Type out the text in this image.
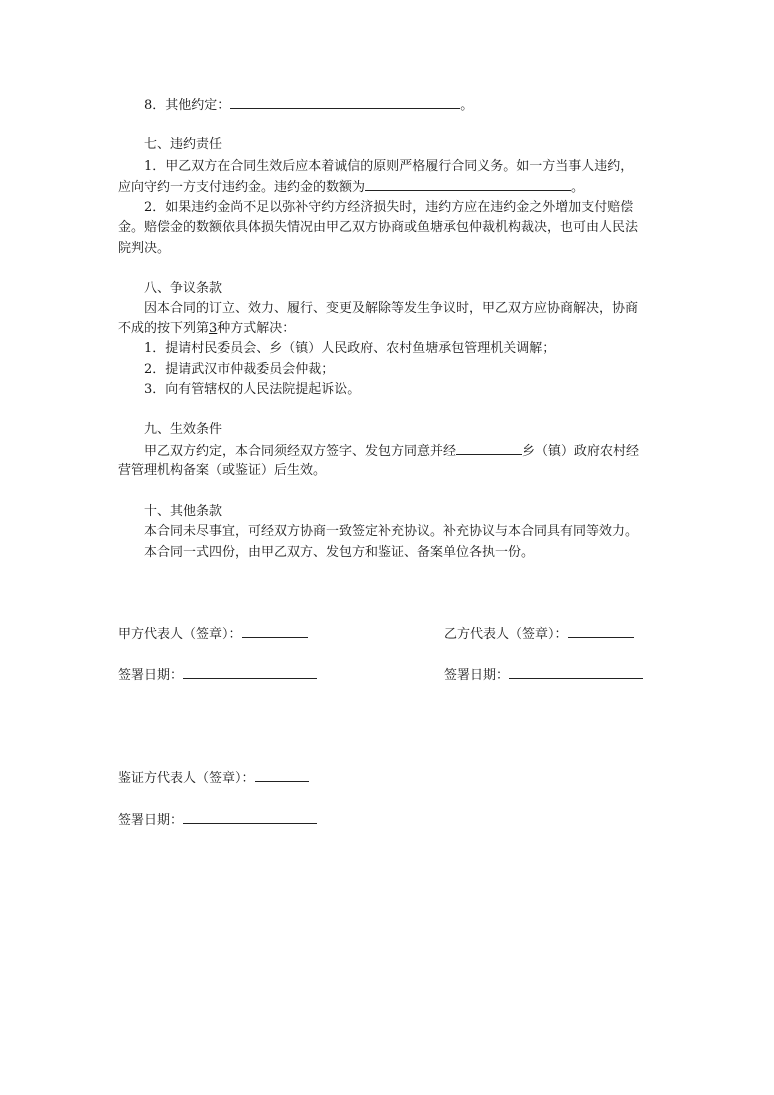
8．其他约定：	。
七、违约责任
1．甲乙双方在合同生效后应本着诚信的原则严格履行合同义务。如一方当事人违约，
应向守约一方支付违约金。违约金的数额为	。
2．如果违约金尚不足以弥补守约方经济损失时，违约方应在违约金之外增加支付赔偿
金。赔偿金的数额依具体损失情况由甲乙双方协商或鱼塘承包仲裁机构裁决，也可由人民法
院判决。
八、争议条款
因本合同的订立、效力、履行、变更及解除等发生争议时，甲乙双方应协商解决，协商
不成的按下列第3种方式解决：
1．提请村民委员会、乡（镇）人民政府、农村鱼塘承包管理机关调解；
2．提请武汉市仲裁委员会仲裁；
3．向有管辖权的人民法院提起诉讼。
九、生效条件
甲乙双方约定，本合同须经双方签字、发包方同意并经	乡（镇）政府农村经
营管理机构备案（或鉴证）后生效。
十、其他条款
本合同未尽事宜，可经双方协商一致签定补充协议。补充协议与本合同具有同等效力。
本合同一式四份，由甲乙双方、发包方和鉴证、备案单位各执一份。
甲方代表人（签章）：	乙方代表人（签章）：
签署日期：	签署日期：
鉴证方代表人（签章）：
签署日期：
